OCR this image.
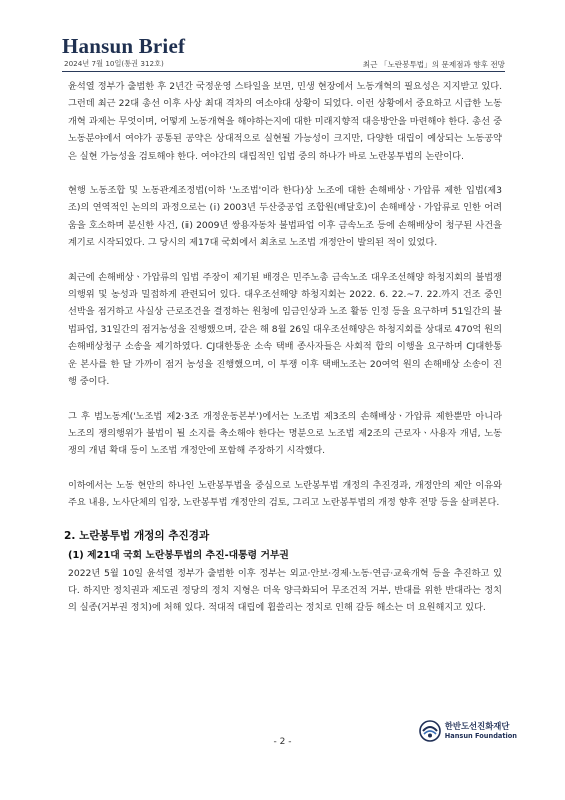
Hansun Brief
2024년 7월 10일(통권 312호)	최근 「노란봉투법」의 문제점과 향후 전망

윤석열 정부가 출범한 후 2년간 국정운영 스타일을 보면, 민생 현장에서 노동개혁의 필요성은 지지받고 있다. 그런데 최근 22대 총선 이후 사상 최대 격차의 여소야대 상황이 되었다. 이런 상황에서 중요하고 시급한 노동개혁 과제는 무엇이며, 어떻게 노동개혁을 해야하는지에 대한 미래지향적 대응방안을 마련해야 한다. 총선 중 노동분야에서 여야가 공통된 공약은 상대적으로 실현될 가능성이 크지만, 다양한 대립이 예상되는 노동공약은 실현 가능성을 검토해야 한다. 여야간의 대립적인 입법 중의 하나가 바로 노란봉투법의 논란이다.

현행 노동조합 및 노동관계조정법(이하 '노조법'이라 한다)상 노조에 대한 손해배상ㆍ가압류 제한 입법(제3조)의 연역적인 논의의 과정으로는 (ⅰ) 2003년 두산중공업 조합원(배달호)이 손해배상ㆍ가압류로 인한 어려움을 호소하며 분신한 사건, (ⅱ) 2009년 쌍용자동차 불법파업 이후 금속노조 등에 손해배상이 청구된 사건을 계기로 시작되었다. 그 당시의 제17대 국회에서 최초로 노조법 개정안이 발의된 적이 있었다.

최근에 손해배상ㆍ가압류의 입법 주장이 제기된 배경은 민주노총 금속노조 대우조선해양 하청지회의 불법쟁의행위 및 농성과 밀접하게 관련되어 있다. 대우조선해양 하청지회는 2022. 6. 22.~7. 22.까지 건조 중인 선박을 점거하고 사실상 근로조건을 결정하는 원청에 임금인상과 노조 활동 인정 등을 요구하며 51일간의 불법파업, 31일간의 점거농성을 진행했으며, 같은 해 8월 26일 대우조선해양은 하청지회를 상대로 470억 원의 손해배상청구 소송을 제기하였다. CJ대한통운 소속 택배 종사자들은 사회적 합의 이행을 요구하며 CJ대한통운 본사를 한 달 가까이 점거 농성을 진행했으며, 이 투쟁 이후 택배노조는 20여억 원의 손해배상 소송이 진행 중이다.

그 후 범노동계('노조법 제2·3조 개정운동본부')에서는 노조법 제3조의 손해배상ㆍ가압류 제한뿐만 아니라 노조의 쟁의행위가 불법이 될 소지를 축소해야 한다는 명분으로 노조법 제2조의 근로자ㆍ사용자 개념, 노동쟁의 개념 확대 등이 노조법 개정안에 포함해 주장하기 시작했다.

이하에서는 노동 현안의 하나인 노란봉투법을 중심으로 노란봉투법 개정의 추진경과, 개정안의 제안 이유와 주요 내용, 노사단체의 입장, 노란봉투법 개정안의 검토, 그리고 노란봉투법의 개정 향후 전망 등을 살펴본다.

2. 노란봉투법 개정의 추진경과
(1) 제21대 국회 노란봉투법의 추진-대통령 거부권

2022년 5월 10일 윤석열 정부가 출범한 이후 정부는 외교·안보·경제·노동·연금·교육개혁 등을 추진하고 있다. 하지만 정치권과 제도권 정당의 정치 지형은 더욱 양극화되어 무조건적 거부, 반대를 위한 반대라는 정치의 실종(거부권 정치)에 처해 있다. 적대적 대립에 휩쓸리는 정치로 인해 갈등 해소는 더 요원해지고 있다.

한반도선진화재단
Hansun Foundation
- 2 -
